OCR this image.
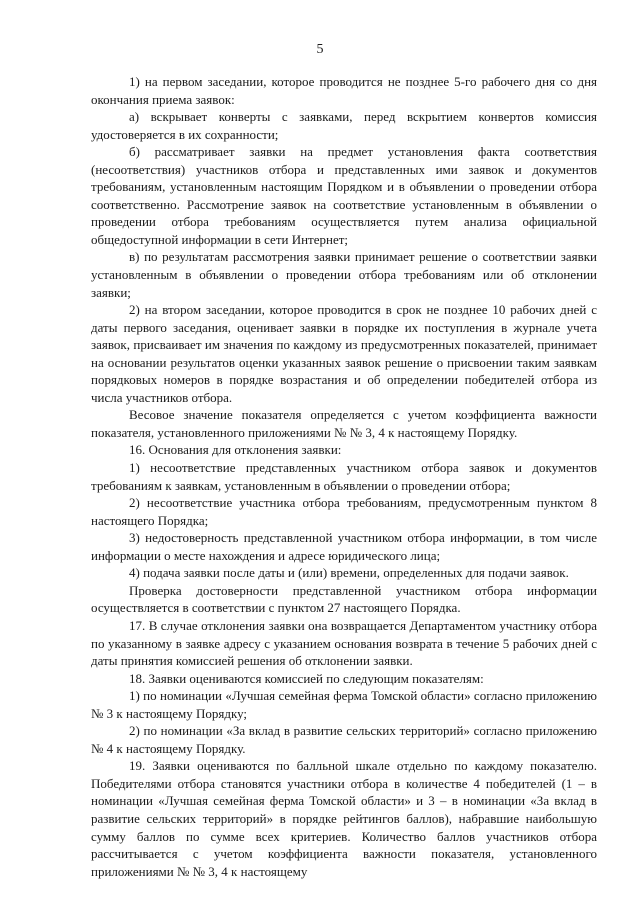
5

1) на первом заседании, которое проводится не позднее 5-го рабочего дня со дня окончания приема заявок:

а) вскрывает конверты с заявками, перед вскрытием конвертов комиссия удостоверяется в их сохранности;

б) рассматривает заявки на предмет установления факта соответствия (несоответствия) участников отбора и представленных ими заявок и документов требованиям, установленным настоящим Порядком и в объявлении о проведении отбора соответственно. Рассмотрение заявок на соответствие установленным в объявлении о проведении отбора требованиям осуществляется путем анализа официальной общедоступной информации в сети Интернет;

в) по результатам рассмотрения заявки принимает решение о соответствии заявки установленным в объявлении о проведении отбора требованиям или об отклонении заявки;

2) на втором заседании, которое проводится в срок не позднее 10 рабочих дней с даты первого заседания, оценивает заявки в порядке их поступления в журнале учета заявок, присваивает им значения по каждому из предусмотренных показателей, принимает на основании результатов оценки указанных заявок решение о присвоении таким заявкам порядковых номеров в порядке возрастания и об определении победителей отбора из числа участников отбора.

Весовое значение показателя определяется с учетом коэффициента важности показателя, установленного приложениями № № 3, 4 к настоящему Порядку.

16. Основания для отклонения заявки:

1) несоответствие представленных участником отбора заявок и документов требованиям к заявкам, установленным в объявлении о проведении отбора;

2) несоответствие участника отбора требованиям, предусмотренным пунктом 8 настоящего Порядка;

3) недостоверность представленной участником отбора информации, в том числе информации о месте нахождения и адресе юридического лица;

4) подача заявки после даты и (или) времени, определенных для подачи заявок.

Проверка достоверности представленной участником отбора информации осуществляется в соответствии с пунктом 27 настоящего Порядка.

17. В случае отклонения заявки она возвращается Департаментом участнику отбора по указанному в заявке адресу с указанием основания возврата в течение 5 рабочих дней с даты принятия комиссией решения об отклонении заявки.

18. Заявки оцениваются комиссией по следующим показателям:

1) по номинации «Лучшая семейная ферма Томской области» согласно приложению № 3 к настоящему Порядку;

2) по номинации «За вклад в развитие сельских территорий» согласно приложению № 4 к настоящему Порядку.

19. Заявки оцениваются по балльной шкале отдельно по каждому показателю. Победителями отбора становятся участники отбора в количестве 4 победителей (1 – в номинации «Лучшая семейная ферма Томской области» и 3 – в номинации «За вклад в развитие сельских территорий» в порядке рейтингов баллов), набравшие наибольшую сумму баллов по сумме всех критериев. Количество баллов участников отбора рассчитывается с учетом коэффициента важности показателя, установленного приложениями № № 3, 4 к настоящему
